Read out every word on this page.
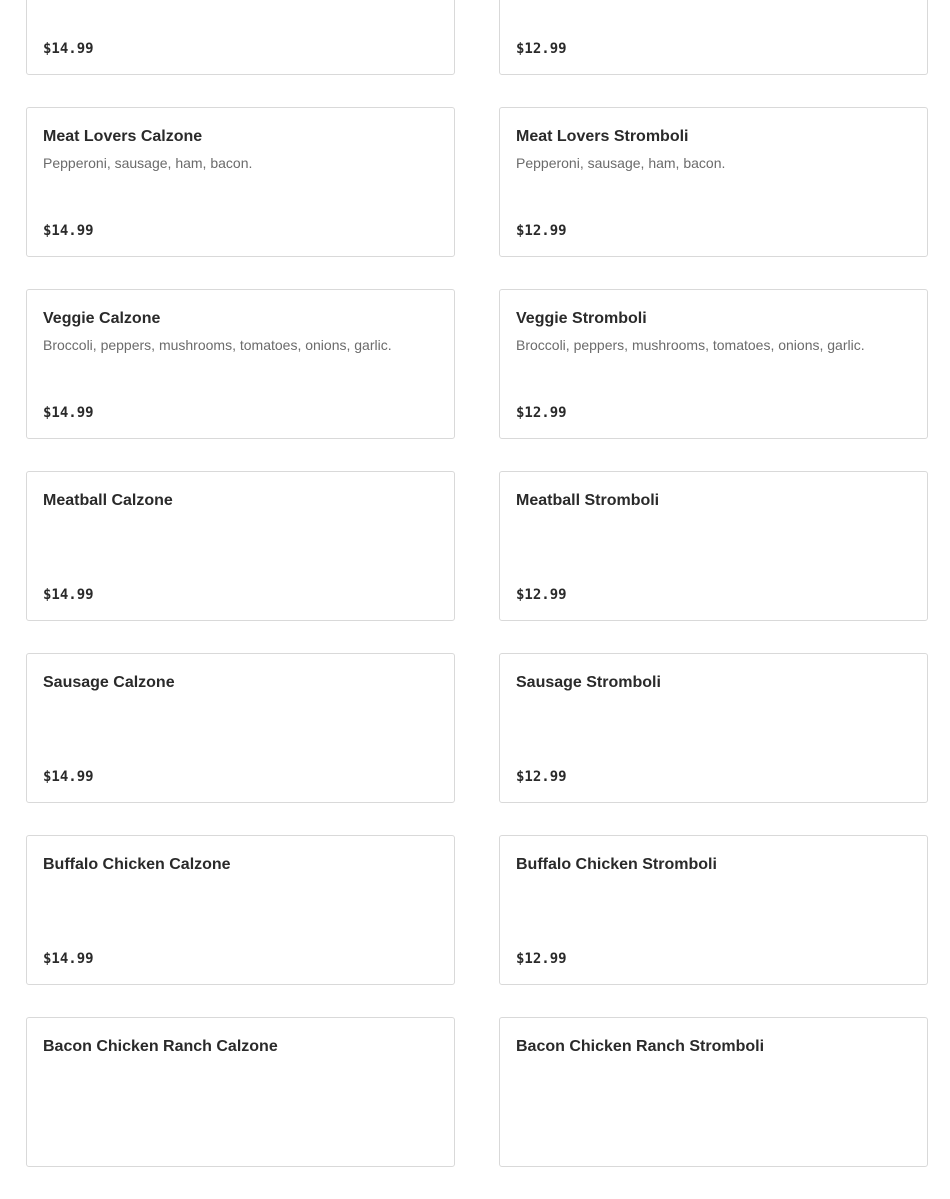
$14.99	$12.99
Meat Lovers Calzone
Pepperoni, sausage, ham, bacon.
$14.99
Meat Lovers Stromboli
Pepperoni, sausage, ham, bacon.
$12.99
Veggie Calzone
Broccoli, peppers, mushrooms, tomatoes, onions, garlic.
$14.99
Veggie Stromboli
Broccoli, peppers, mushrooms, tomatoes, onions, garlic.
$12.99
Meatball Calzone
$14.99
Meatball Stromboli
$12.99
Sausage Calzone
$14.99
Sausage Stromboli
$12.99
Buffalo Chicken Calzone
$14.99
Buffalo Chicken Stromboli
$12.99
Bacon Chicken Ranch Calzone	Bacon Chicken Ranch Stromboli
